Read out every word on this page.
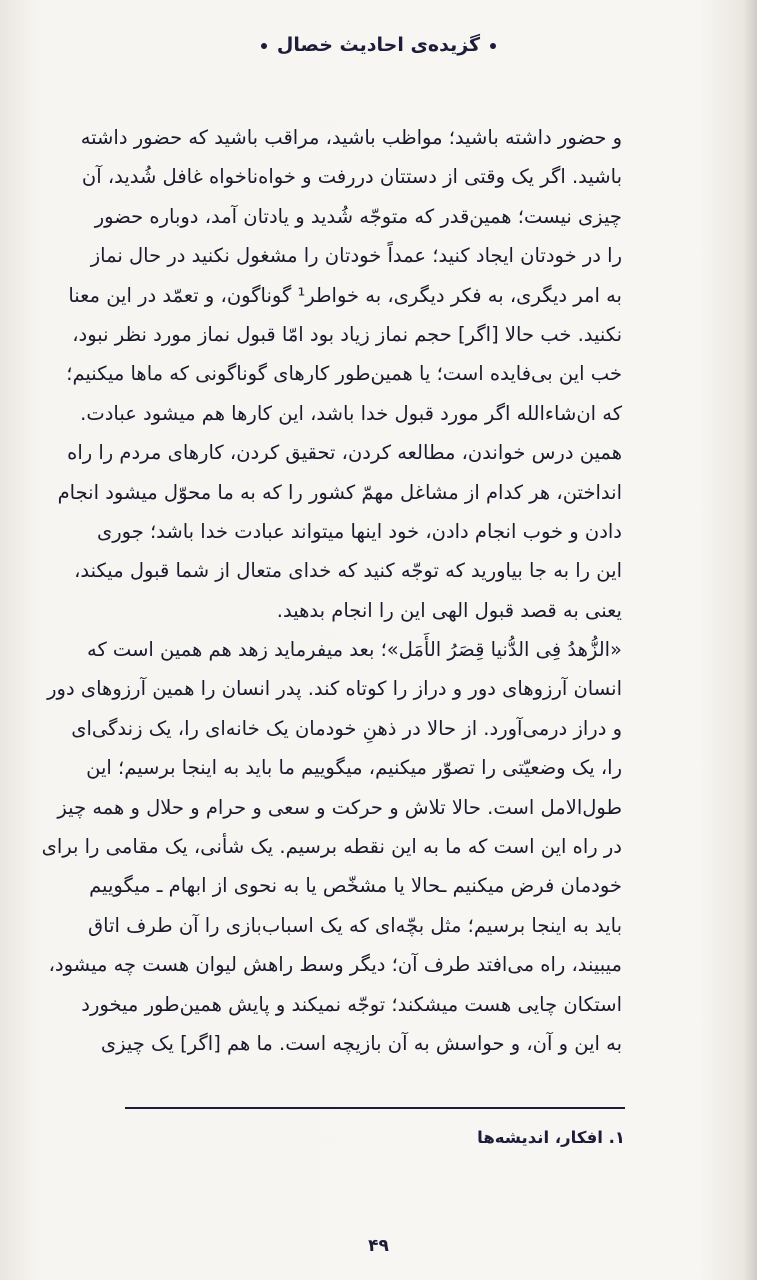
گزیده‌ی احادیث خصال
و حضور داشته باشید؛ مواظب باشید، مراقب باشید که حضور داشته
باشید. اگر یک وقتی از دستتان دررفت و خواه‌ناخواه غافل شُدید، آن
چیزی نیست؛ همین‌قدر که متوجّه شُدید و یادتان آمد، دوباره حضور
را در خودتان ایجاد کنید؛ عمداً خودتان را مشغول نکنید در حال نماز
به امر دیگری، به فکر دیگری، به خواطر¹ گوناگون، و تعمّد در این معنا
نکنید. خب حالا [اگر] حجم نماز زیاد بود امّا قبول نماز مورد نظر نبود،
خب این بی‌فایده است؛ یا همین‌طور کارهای گوناگونی که ماها میکنیم؛
که ان‌شاءالله اگر مورد قبول خدا باشد، این کارها هم میشود عبادت.
همین درس خواندن، مطالعه کردن، تحقیق کردن، کارهای مردم را راه
انداختن، هر کدام از مشاغل مهمّ کشور را که به ما محوّل میشود انجام
دادن و خوب انجام دادن، خود اینها میتواند عبادت خدا باشد؛ جوری
این را به جا بیاورید که توجّه کنید که خدای متعال از شما قبول میکند،
یعنی به قصد قبول الهی این را انجام بدهید.
«الزُّهدُ فِی الدُّنیا قِصَرُ الأَمَل»؛ بعد میفرماید زهد هم همین است که
انسان آرزوهای دور و دراز را کوتاه کند. پدر انسان را همین آرزوهای دور
و دراز درمی‌آورد. از حالا در ذهنِ خودمان یک خانه‌ای را، یک زندگی‌ای
را، یک وضعیّتی را تصوّر میکنیم، میگوییم ما باید به اینجا برسیم؛ این
طول‌الامل است. حالا تلاش و حرکت و سعی و حرام و حلال و همه چیز
در راه این است که ما به این نقطه برسیم. یک شأنی، یک مقامی را برای
خودمان فرض میکنیم ـحالا یا مشخّص یا به نحوی از ابهام ـ میگوییم
باید به اینجا برسیم؛ مثل بچّه‌ای که یک اسباب‌بازی را آن طرف اتاق
میبیند، راه می‌افتد طرف آن؛ دیگر وسط راهش لیوان هست چه میشود،
استکان چایی هست میشکند؛ توجّه نمیکند و پایش همین‌طور میخورد
به این و آن، و حواسش به آن بازیچه است. ما هم [اگر] یک چیزی
۱. افکار، اندیشه‌ها
۴۹
